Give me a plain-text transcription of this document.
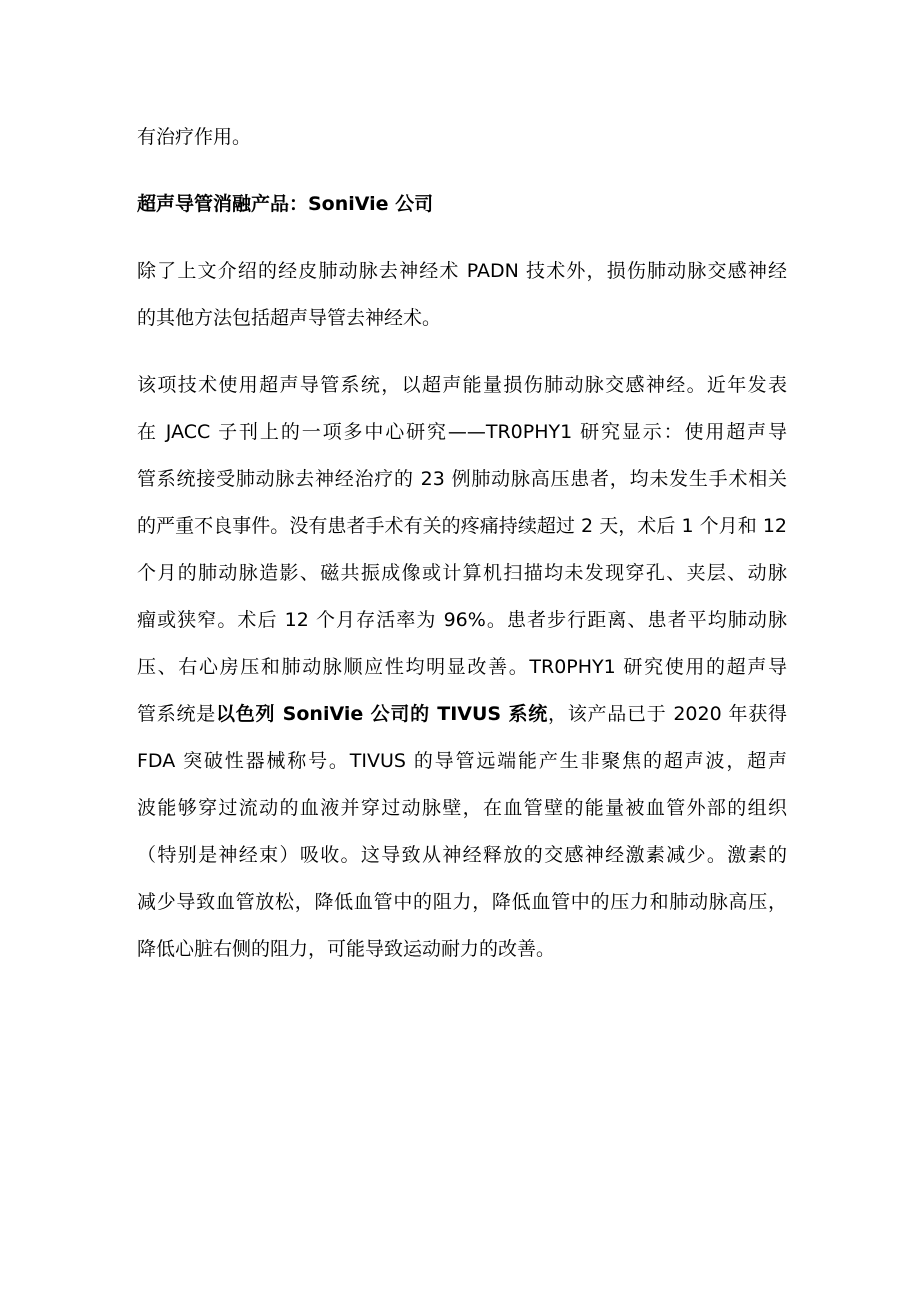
有治疗作用。
超声导管消融产品：SoniVie 公司
除了上文介绍的经皮肺动脉去神经术 PADN 技术外，损伤肺动脉交感神经
的其他方法包括超声导管去神经术。
该项技术使用超声导管系统，以超声能量损伤肺动脉交感神经。近年发表
在 JACC 子刊上的一项多中心研究——TR0PHY1 研究显示：使用超声导
管系统接受肺动脉去神经治疗的 23 例肺动脉高压患者，均未发生手术相关
的严重不良事件。没有患者手术有关的疼痛持续超过 2 天，术后 1 个月和 12
个月的肺动脉造影、磁共振成像或计算机扫描均未发现穿孔、夹层、动脉
瘤或狭窄。术后 12 个月存活率为 96%。患者步行距离、患者平均肺动脉
压、右心房压和肺动脉顺应性均明显改善。TR0PHY1 研究使用的超声导
管系统是以色列 SoniVie 公司的 TIVUS 系统，该产品已于 2020 年获得
FDA 突破性器械称号。TIVUS 的导管远端能产生非聚焦的超声波，超声
波能够穿过流动的血液并穿过动脉壁，在血管壁的能量被血管外部的组织
（特别是神经束）吸收。这导致从神经释放的交感神经激素减少。激素的
减少导致血管放松，降低血管中的阻力，降低血管中的压力和肺动脉高压，
降低心脏右侧的阻力，可能导致运动耐力的改善。
